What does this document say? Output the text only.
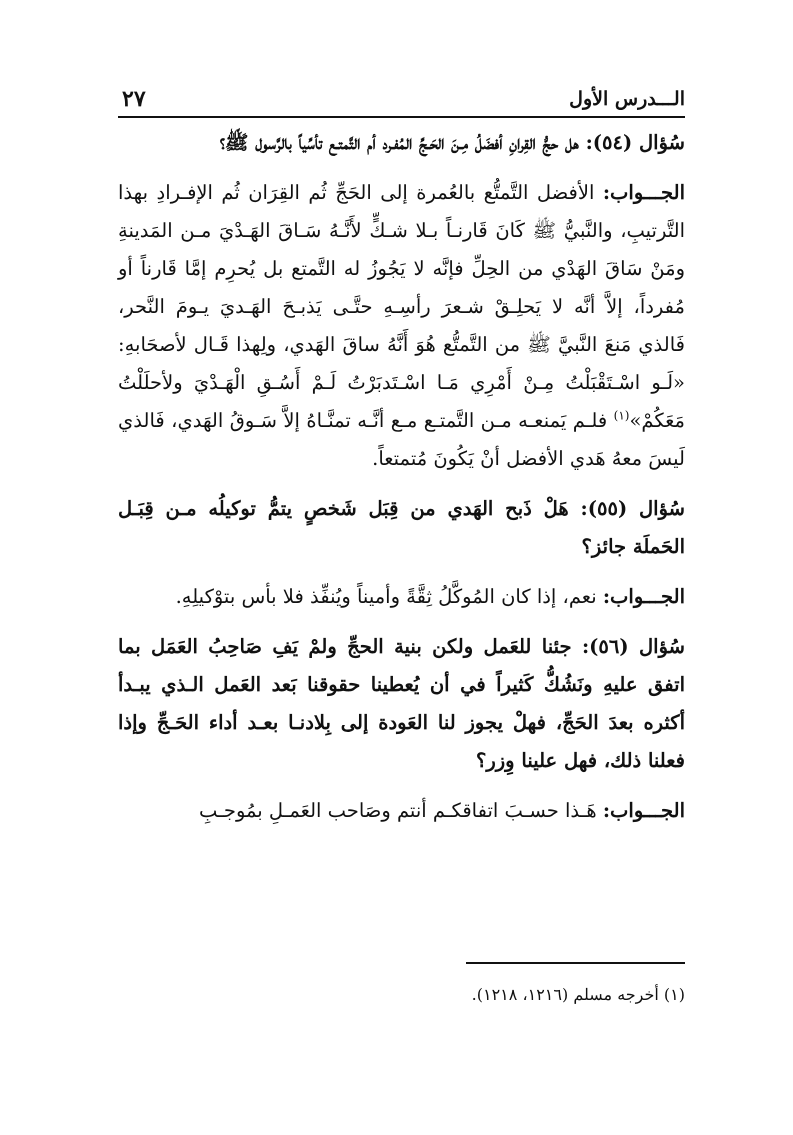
الـــدرس الأول
٢٧

سُؤال (٥٤): هل حجُّ القِرانِ أفضَلُ مِـنَ الحَـجِّ المُفـرد أم التَّمتـع تأسِّياً بالرَّسول ﷺ؟

الجـــواب: الأفضل التَّمتُّع بالعُمرة إلى الحَجِّ ثُم القِرَان ثُم الإفـرادِ بهذا التَّرتيبِ، والنَّبيُّ ﷺ كَانَ قَارنـاً بـلا شـكٍّ لأَنَّـهُ سَـاقَ الهَـدْيَ مـن المَدينةِ ومَنْ سَاقَ الهَدْي من الحِلِّ فإنَّه لا يَجُوزُ له التَّمتع بل يُحرِم إمَّا قَارناً أو مُفرداً، إلاَّ أنَّه لا يَحلِـقْ شـعرَ رأسِـهِ حتَّـى يَذبـحَ الهَـديَ يـومَ النَّحر، فَالذي مَنعَ النَّبيَّ ﷺ من التَّمتُّع هُوَ أَنَّهُ ساقَ الهَدي، ولِهذا قَـال لأصحَابهِ: «لَـو اسْـتَقْبَلْتُ مِـنْ أَمْرِي مَـا اسْـتَدبَرْتُ لَـمْ أَسُـقِ الْهَـدْيَ ولأحلَلْتُ مَعَكُمْ»$^{(١)}$ فلـم يَمنعـه مـن التَّمتـع مـع أنَّـه تمنَّـاهُ إلاَّ سَـوقُ الهَدي، فَالذي لَيسَ معهُ هَدي الأفضل أنْ يَكُونَ مُتمتعاً.

سُؤال (٥٥): هَلْ ذَبح الهَدي من قِبَل شَخصٍ يتمُّ توكيلُه مـن قِبَـل الحَملَة جائز؟

الجـــواب: نعم، إذا كان المُوكَّلُ ثِقَّةً وأميناً ويُنفِّذ فلا بأس بتوْكيلِهِ.

سُؤال (٥٦): جئنا للعَمل ولكن بنية الحجِّ ولمْ يَفِ صَاحِبُ العَمَل بما اتفق عليهِ ونَشُكُّ كَثيراً في أن يُعطينا حقوقنا بَعد العَمل الـذي يبـدأ أكثره بعدَ الحَجِّ، فهلْ يجوز لنا العَودة إلى بِلادنـا بعـد أداء الحَـجِّ وإذا فعلنا ذلك، فهل علينا وِزر؟

الجـــواب: هَـذا حسـبَ اتفاقكـم أنتم وصَاحب العَمـلِ بمُوجـبِ

(١) أخرجه مسلم (١٢١٦، ١٢١٨).
